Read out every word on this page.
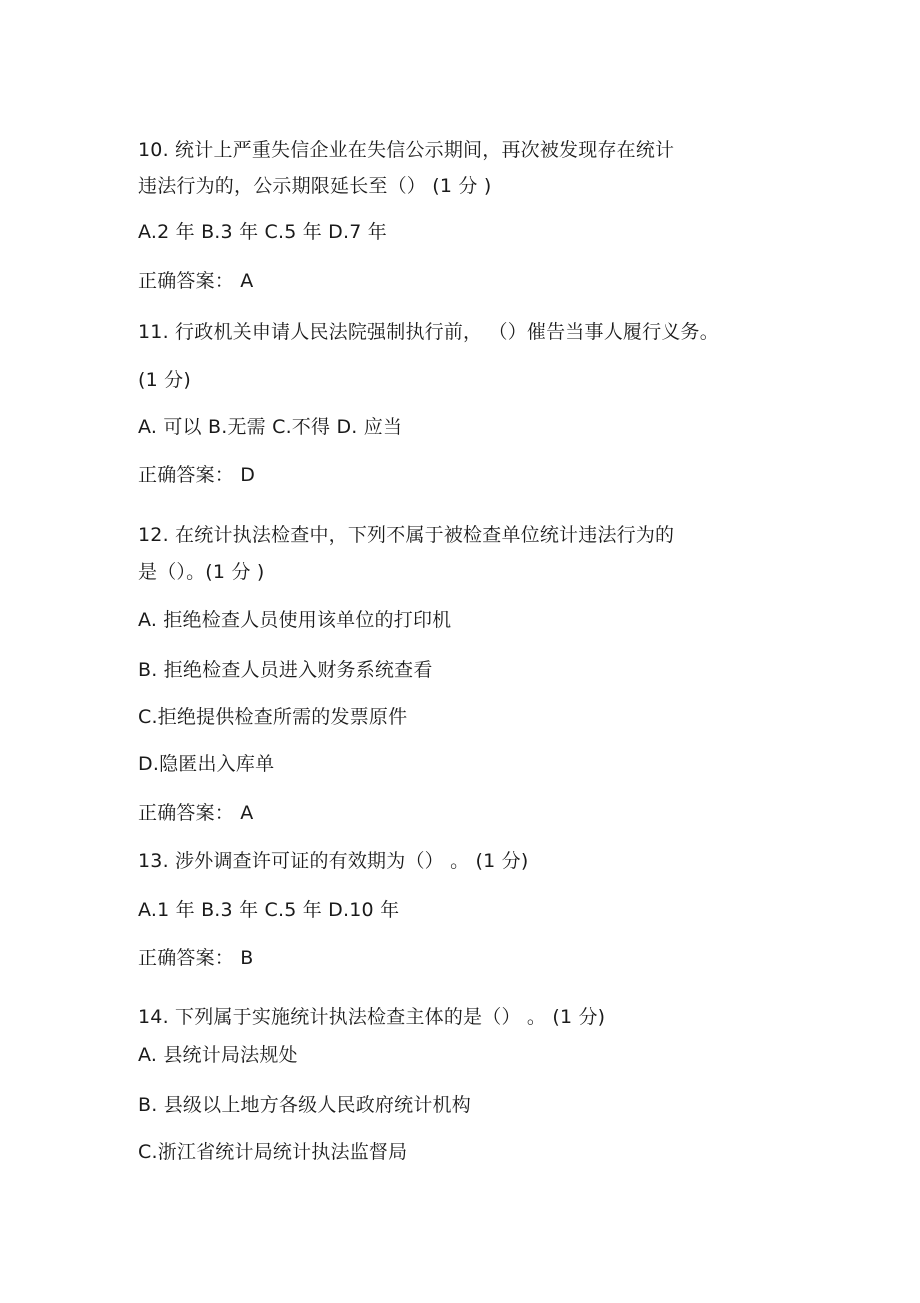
10. 统计上严重失信企业在失信公示期间，再次被发现存在统计
违法行为的，公示期限延长至（） (1 分 )
A.2 年 B.3 年 C.5 年 D.7 年
正确答案： A
11. 行政机关申请人民法院强制执行前， （）催告当事人履行义务。
(1 分)
A. 可以 B.无需 C.不得 D. 应当
正确答案： D
12. 在统计执法检查中，下列不属于被检查单位统计违法行为的
是（）。(1 分 )
A. 拒绝检查人员使用该单位的打印机
B. 拒绝检查人员进入财务系统查看
C.拒绝提供检查所需的发票原件
D.隐匿出入库单
正确答案： A
13. 涉外调查许可证的有效期为（） 。 (1 分)
A.1 年 B.3 年 C.5 年 D.10 年
正确答案： B
14. 下列属于实施统计执法检查主体的是（） 。 (1 分)
A. 县统计局法规处
B. 县级以上地方各级人民政府统计机构
C.浙江省统计局统计执法监督局
